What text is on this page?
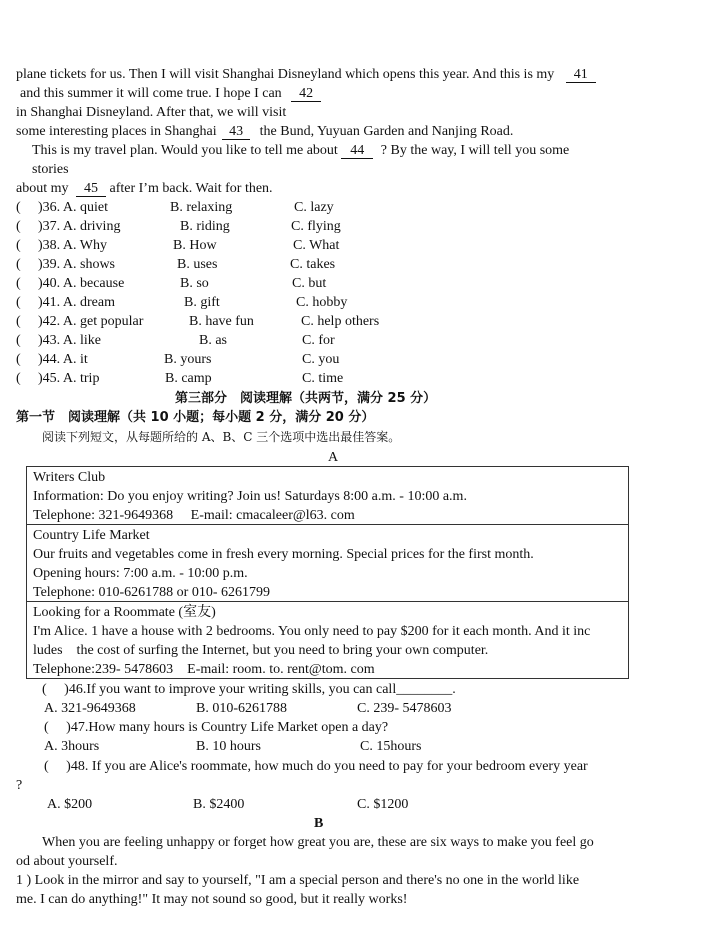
plane tickets for us. Then I will visit Shanghai Disneyland which opens this year. And this is my 41
and this summer it will come true. I hope I can 42
in Shanghai Disneyland. After that, we will visit
some interesting places in Shanghai 43 the Bund, Yuyuan Garden and Nanjing Road.
This is my travel plan. Would you like to tell me about 44 ? By the way, I will tell you some
stories
about my 45 after I’m back. Wait for then.
( )36. A. quiet	B. relaxing	C. lazy
( )37. A. driving	B. riding	C. flying
( )38. A. Why	B. How	C. What
( )39. A. shows	B. uses	C. takes
( )40. A. because	B. so	C. but
( )41. A. dream	B. gift	C. hobby
( )42. A. get popular	B. have fun	C. help others
( )43. A. like	B. as	C. for
( )44. A. it	B. yours	C. you
( )45. A. trip	B. camp	C. time
第三部分　阅读理解（共两节，满分 25 分）
第一节　阅读理解（共 10 小题；每小题 2 分，满分 20 分）
阅读下列短文，从每题所给的 A、B、C 三个选项中选出最佳答案。
A
Writers Club
Information: Do you enjoy writing? Join us! Saturdays 8:00 a.m. - 10:00 a.m.
Telephone: 321-9649368　 E-mail: cmacaleer@l63. com
Country Life Market
Our fruits and vegetables come in fresh every morning. Special prices for the first month.
Opening hours: 7:00 a.m. - 10:00 p.m.
Telephone: 010-6261788 or 010- 6261799
Looking for a Roommate (室友)
I'm Alice. 1 have a house with 2 bedrooms. You only need to pay $200 for it each month. And it inc
ludes　the cost of surfing the Internet, but you need to bring your own computer.
Telephone:239- 5478603　E-mail: room. to. rent@tom. com
(　 )46.If you want to improve your writing skills, you can call________.
A. 321-9649368	B. 010-6261788	C. 239- 5478603
(　 )47.How many hours is Country Life Market open a day?
A. 3hours	B. 10 hours	C. 15hours
(　 )48. If you are Alice's roommate, how much do you need to pay for your bedroom every year
?
A. $200	B. $2400	C. $1200
B
When you are feeling unhappy or forget how great you are, these are six ways to make you feel go
od about yourself.
1 ) Look in the mirror and say to yourself, "I am a special person and there's no one in the world like
me. I can do anything!" It may not sound so good, but it really works!
